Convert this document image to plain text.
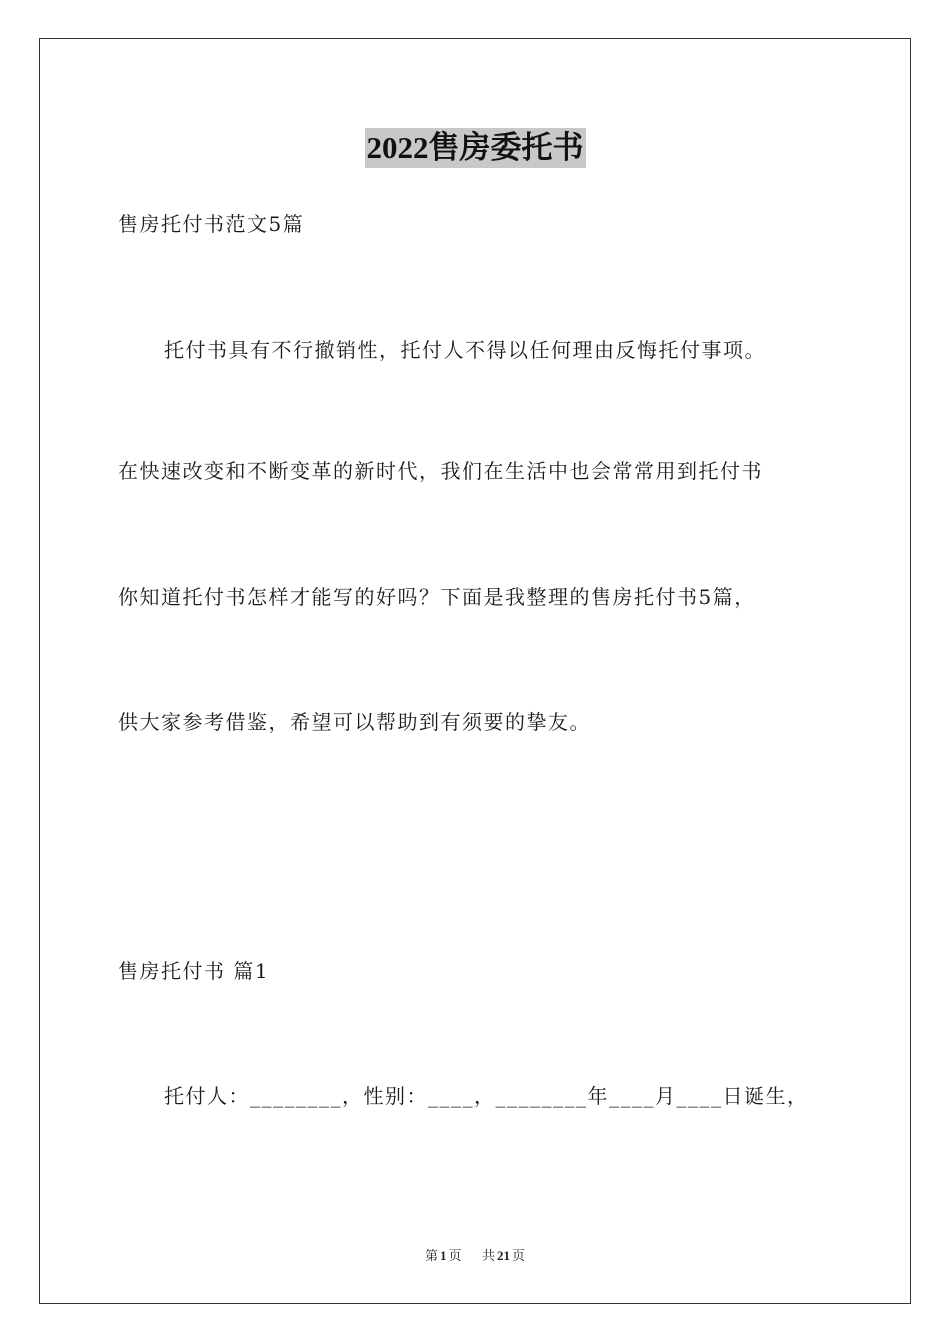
2022售房委托书
售房托付书范文5篇
托付书具有不行撤销性，托付人不得以任何理由反悔托付事项。
在快速改变和不断变革的新时代，我们在生活中也会常常用到托付书
你知道托付书怎样才能写的好吗？下面是我整理的售房托付书5篇，
供大家参考借鉴，希望可以帮助到有须要的挚友。
售房托付书 篇1
托付人：________，性别：____，________年____月____日诞生，
第 1 页 共 21 页
